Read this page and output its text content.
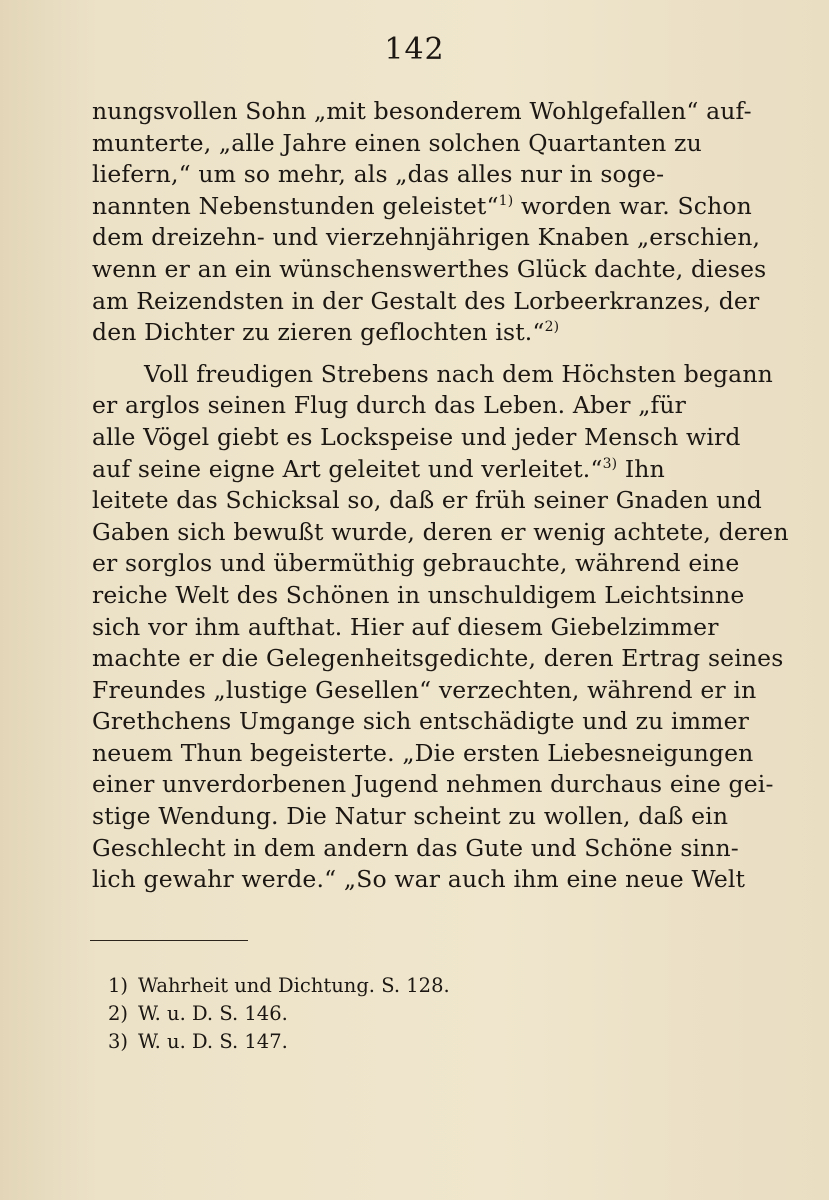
142
nungsvollen Sohn „mit besonderem Wohlgefallen“ auf-
munterte, „alle Jahre einen solchen Quartanten zu
liefern,“ um so mehr, als „das alles nur in soge-
nannten Nebenstunden geleistet“$^{1)}$ worden war. Schon
dem dreizehn- und vierzehnjährigen Knaben „erschien,
wenn er an ein wünschenswerthes Glück dachte, dieses
am Reizendsten in der Gestalt des Lorbeerkranzes, der
den Dichter zu zieren geflochten ist.“$^{2)}$
Voll freudigen Strebens nach dem Höchsten begann
er arglos seinen Flug durch das Leben. Aber „für
alle Vögel giebt es Lockspeise und jeder Mensch wird
auf seine eigne Art geleitet und verleitet.“$^{3)}$ Ihn
leitete das Schicksal so, daß er früh seiner Gnaden und
Gaben sich bewußt wurde, deren er wenig achtete, deren
er sorglos und übermüthig gebrauchte, während eine
reiche Welt des Schönen in unschuldigem Leichtsinne
sich vor ihm aufthat. Hier auf diesem Giebelzimmer
machte er die Gelegenheitsgedichte, deren Ertrag seines
Freundes „lustige Gesellen“ verzechten, während er in
Grethchens Umgange sich entschädigte und zu immer
neuem Thun begeisterte. „Die ersten Liebesneigungen
einer unverdorbenen Jugend nehmen durchaus eine gei-
stige Wendung. Die Natur scheint zu wollen, daß ein
Geschlecht in dem andern das Gute und Schöne sinn-
lich gewahr werde.“ „So war auch ihm eine neue Welt
1) Wahrheit und Dichtung. S. 128.
2) W. u. D. S. 146.
3) W. u. D. S. 147.
